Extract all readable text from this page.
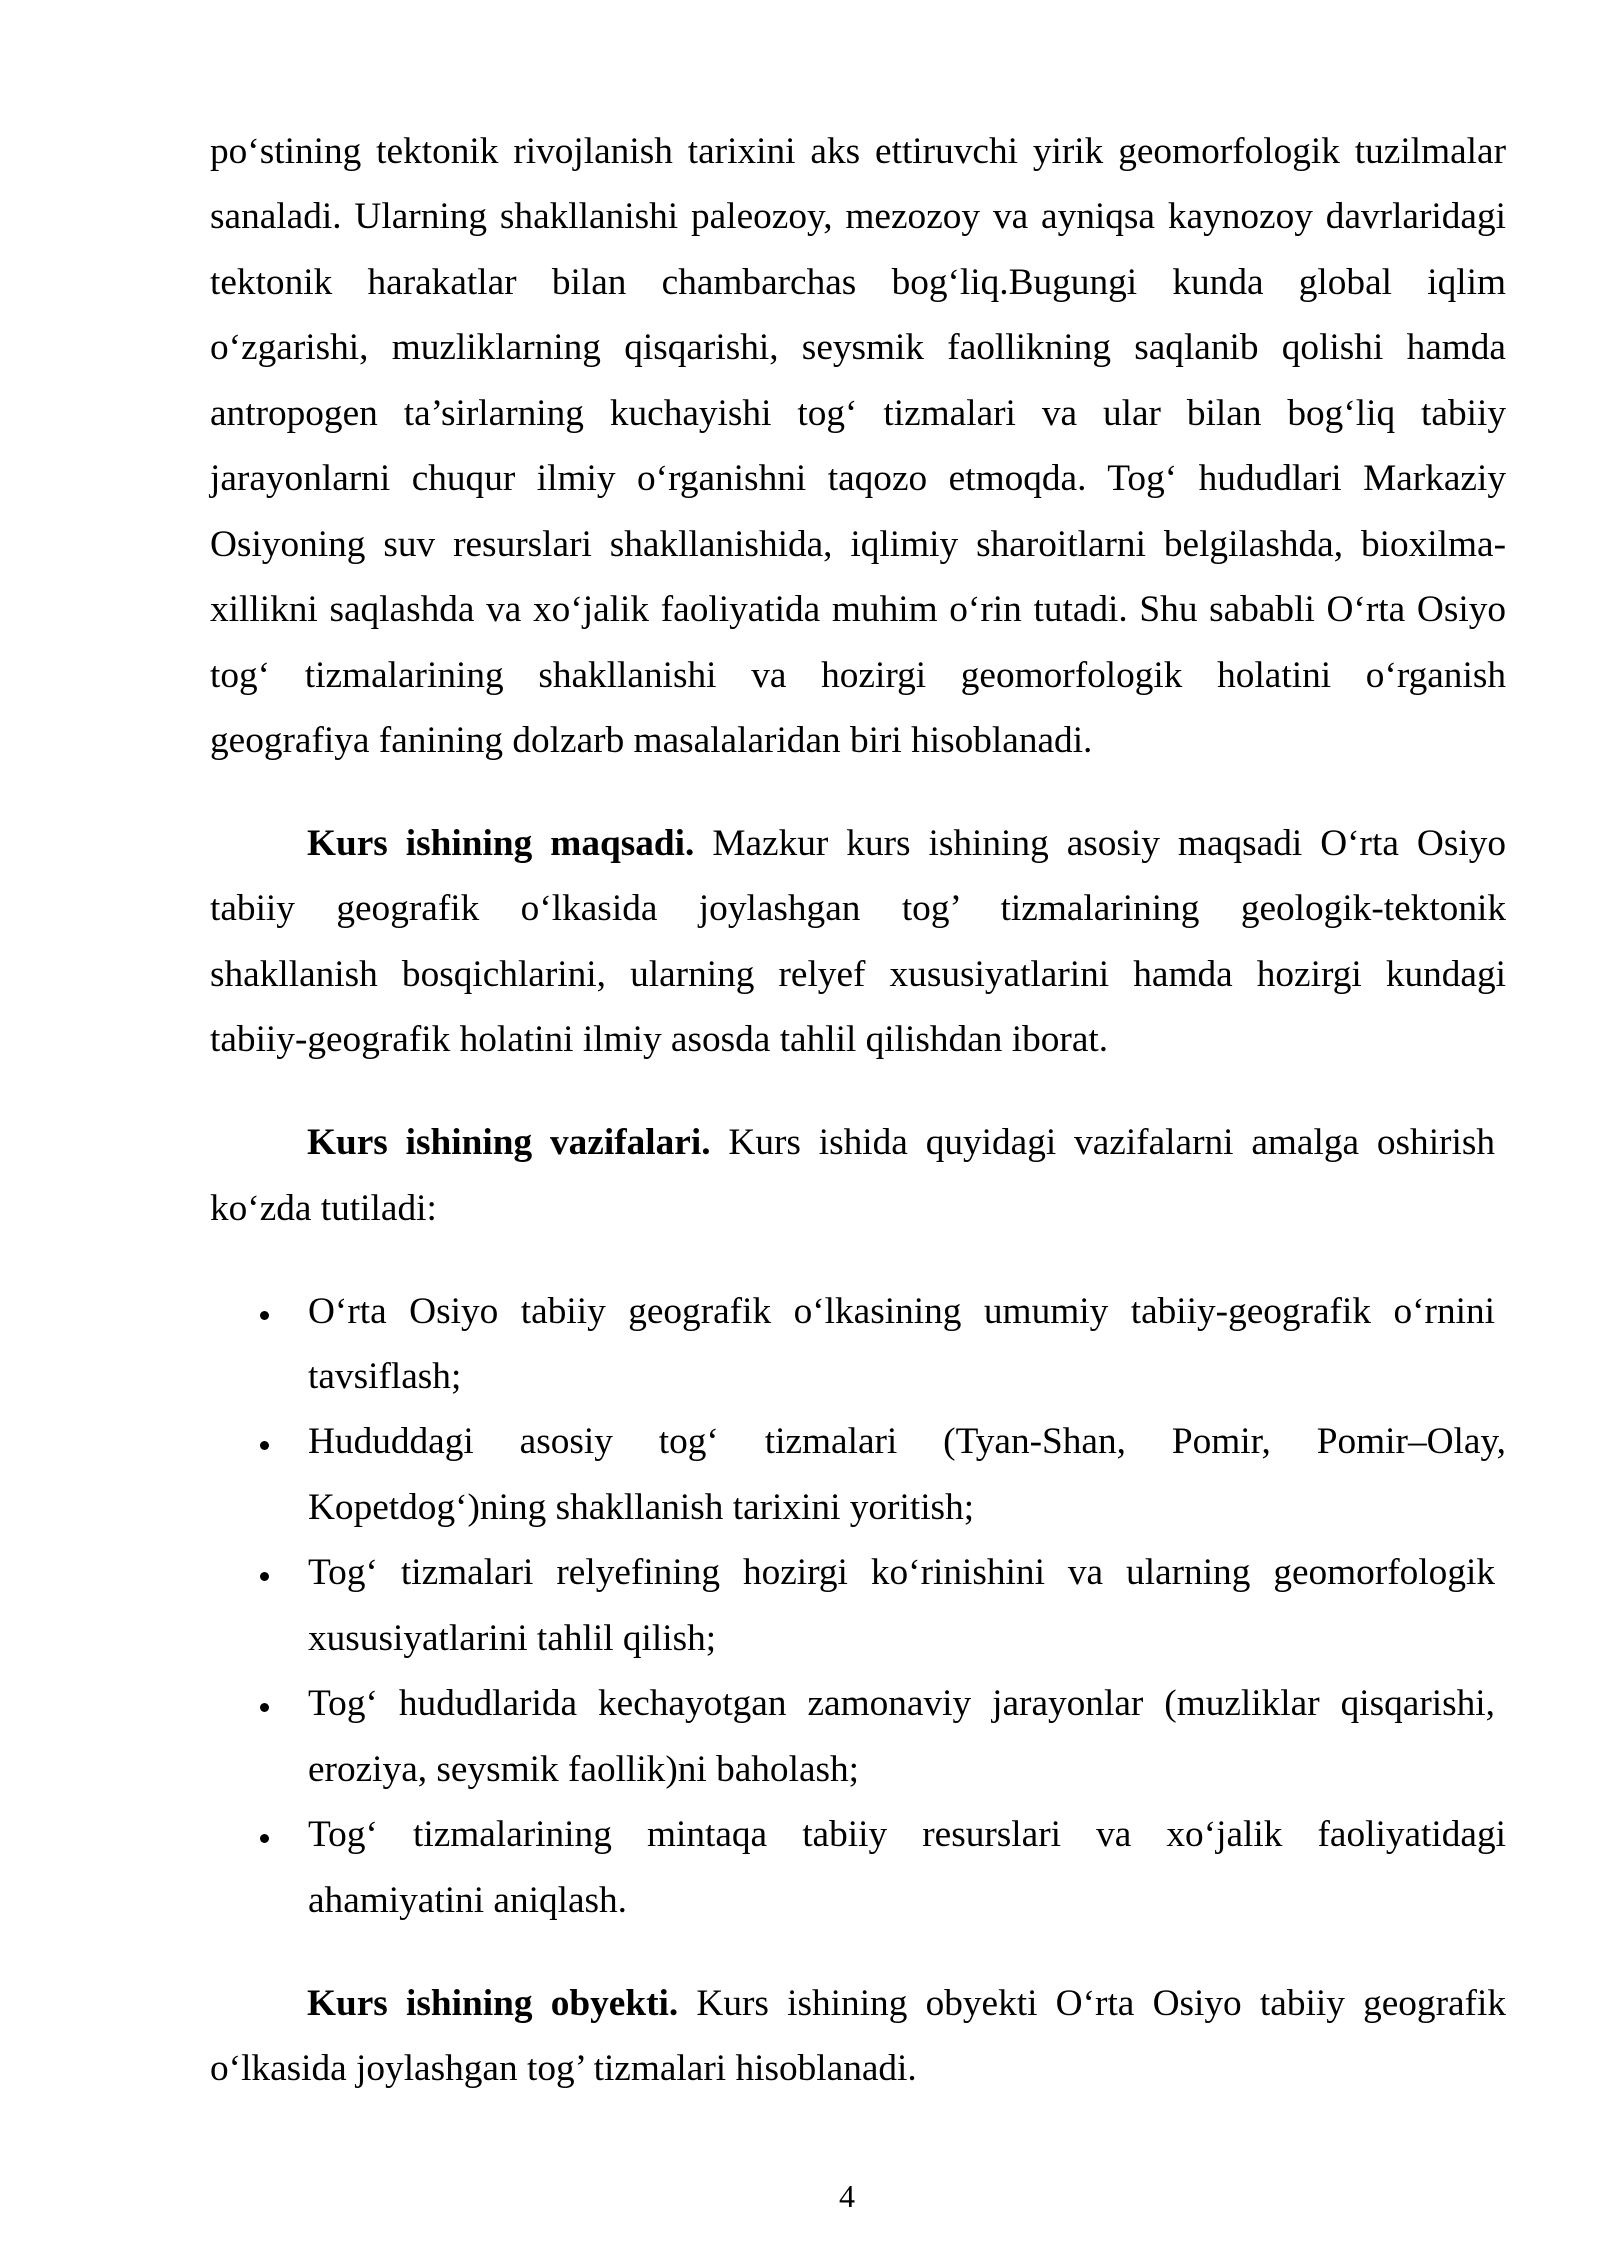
po‘stining tektonik rivojlanish tarixini aks ettiruvchi yirik geomorfologik tuzilmalar
sanaladi. Ularning shakllanishi paleozoy, mezozoy va ayniqsa kaynozoy davrlaridagi
tektonik harakatlar bilan chambarchas bog‘liq.Bugungi kunda global iqlim
o‘zgarishi, muzliklarning qisqarishi, seysmik faollikning saqlanib qolishi hamda
antropogen ta’sirlarning kuchayishi tog‘ tizmalari va ular bilan bog‘liq tabiiy
jarayonlarni chuqur ilmiy o‘rganishni taqozo etmoqda. Tog‘ hududlari Markaziy
Osiyoning suv resurslari shakllanishida, iqlimiy sharoitlarni belgilashda, bioxilma-
xillikni saqlashda va xo‘jalik faoliyatida muhim o‘rin tutadi. Shu sababli O‘rta Osiyo
tog‘ tizmalarining shakllanishi va hozirgi geomorfologik holatini o‘rganish
geografiya fanining dolzarb masalalaridan biri hisoblanadi.
Kurs ishining maqsadi. Mazkur kurs ishining asosiy maqsadi O‘rta Osiyo
tabiiy geografik o‘lkasida joylashgan tog’ tizmalarining geologik-tektonik
shakllanish bosqichlarini, ularning relyef xususiyatlarini hamda hozirgi kundagi
tabiiy-geografik holatini ilmiy asosda tahlil qilishdan iborat.
Kurs ishining vazifalari. Kurs ishida quyidagi vazifalarni amalga oshirish
ko‘zda tutiladi:
O‘rta Osiyo tabiiy geografik o‘lkasining umumiy tabiiy-geografik o‘rnini
tavsiflash;
Hududdagi asosiy tog‘ tizmalari (Tyan-Shan, Pomir, Pomir–Olay,
Kopetdog‘)ning shakllanish tarixini yoritish;
Tog‘ tizmalari relyefining hozirgi ko‘rinishini va ularning geomorfologik
xususiyatlarini tahlil qilish;
Tog‘ hududlarida kechayotgan zamonaviy jarayonlar (muzliklar qisqarishi,
eroziya, seysmik faollik)ni baholash;
Tog‘ tizmalarining mintaqa tabiiy resurslari va xo‘jalik faoliyatidagi
ahamiyatini aniqlash.
Kurs ishining obyekti. Kurs ishining obyekti O‘rta Osiyo tabiiy geografik
o‘lkasida joylashgan tog’ tizmalari hisoblanadi.
4
